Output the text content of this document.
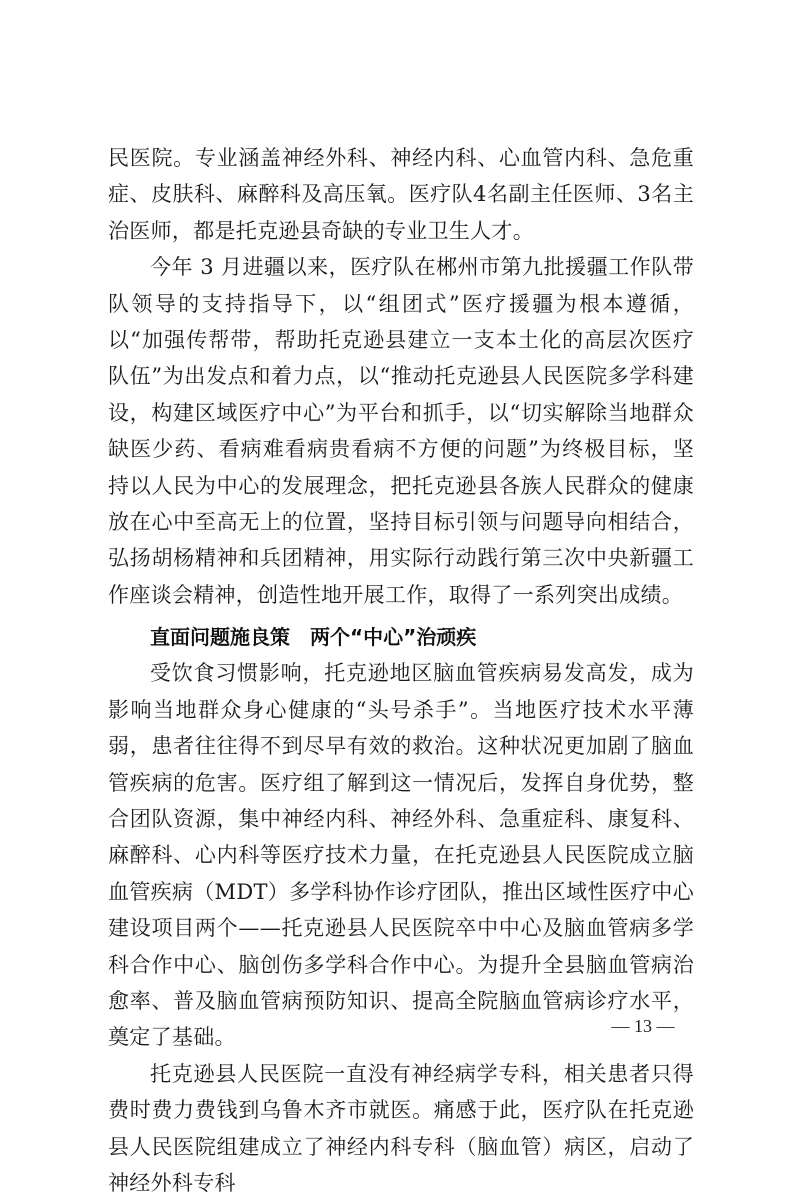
民医院。专业涵盖神经外科、神经内科、心血管内科、急危重症、皮肤科、麻醉科及高压氧。医疗队4名副主任医师、3名主治医师，都是托克逊县奇缺的专业卫生人才。

今年 3 月进疆以来，医疗队在郴州市第九批援疆工作队带队领导的支持指导下，以“组团式”医疗援疆为根本遵循，以“加强传帮带，帮助托克逊县建立一支本土化的高层次医疗队伍”为出发点和着力点，以“推动托克逊县人民医院多学科建设，构建区域医疗中心”为平台和抓手，以“切实解除当地群众缺医少药、看病难看病贵看病不方便的问题”为终极目标，坚持以人民为中心的发展理念，把托克逊县各族人民群众的健康放在心中至高无上的位置，坚持目标引领与问题导向相结合，弘扬胡杨精神和兵团精神，用实际行动践行第三次中央新疆工作座谈会精神，创造性地开展工作，取得了一系列突出成绩。

直面问题施良策　两个“中心”治顽疾

受饮食习惯影响，托克逊地区脑血管疾病易发高发，成为影响当地群众身心健康的“头号杀手”。当地医疗技术水平薄弱，患者往往得不到尽早有效的救治。这种状况更加剧了脑血管疾病的危害。医疗组了解到这一情况后，发挥自身优势，整合团队资源，集中神经内科、神经外科、急重症科、康复科、麻醉科、心内科等医疗技术力量，在托克逊县人民医院成立脑血管疾病（MDT）多学科协作诊疗团队，推出区域性医疗中心建设项目两个——托克逊县人民医院卒中中心及脑血管病多学科合作中心、脑创伤多学科合作中心。为提升全县脑血管病治愈率、普及脑血管病预防知识、提高全院脑血管病诊疗水平，奠定了基础。

托克逊县人民医院一直没有神经病学专科，相关患者只得费时费力费钱到乌鲁木齐市就医。痛感于此，医疗队在托克逊县人民医院组建成立了神经内科专科（脑血管）病区，启动了神经外科专科

— 13 —
